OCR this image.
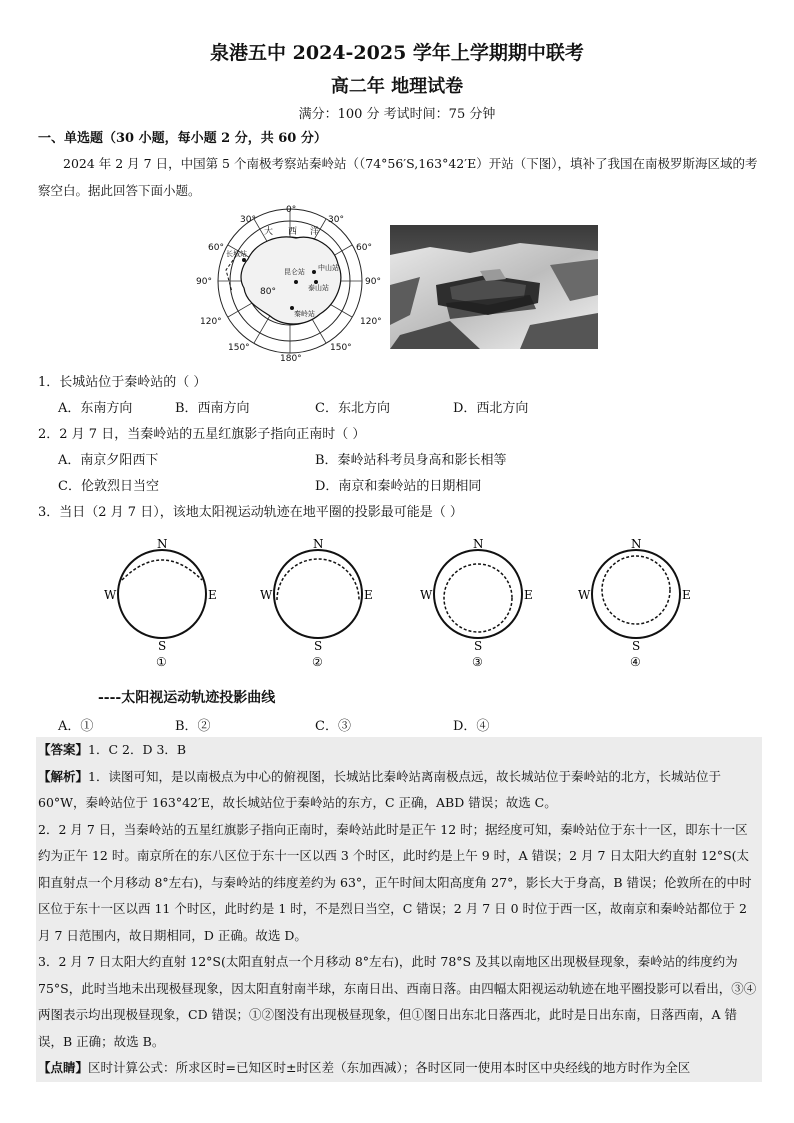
泉港五中 2024-2025 学年上学期期中联考
高二年 地理试卷
满分：100 分 考试时间：75 分钟
一、单选题（30 小题，每小题 2 分，共 60 分）
2024 年 2 月 7 日，中国第 5 个南极考察站秦岭站（（74°56′S,163°42′E）开站（下图），填补了我国在南极罗斯海区域的考察空白。据此回答下面小题。
0°
30°	30°
60°	60°
90°	90°
120°	120°
150°	150°
180°
80°
大 西 洋
长城站
中山站
泰山站
昆仑站
秦岭站
1．长城站位于秦岭站的（ ）
A．东南方向	B．西南方向	C．东北方向	D．西北方向
2．2 月 7 日，当秦岭站的五星红旗影子指向正南时（ ）
A．南京夕阳西下	B．秦岭站科考员身高和影长相等
C．伦敦烈日当空	D．南京和秦岭站的日期相同
3．当日（2 月 7 日），该地太阳视运动轨迹在地平圈的投影最可能是（ ）
N
S
W	E
①
N
S
W	E
②
N
S
W	E
③
N
S
W	E
④
----太阳视运动轨迹投影曲线
A．①	B．②	C．③	D．④

【答案】1．C 2．D 3．B

【解析】1．读图可知，是以南极点为中心的俯视图，长城站比秦岭站离南极点远，故长城站位于秦岭站的北方，长城站位于 60°W，秦岭站位于 163°42′E，故长城站位于秦岭站的东方，C 正确，ABD 错误；故选 C。

2．2 月 7 日，当秦岭站的五星红旗影子指向正南时，秦岭站此时是正午 12 时；据经度可知，秦岭站位于东十一区，即东十一区约为正午 12 时。南京所在的东八区位于东十一区以西 3 个时区，此时约是上午 9 时，A 错误；2 月 7 日太阳大约直射 12°S(太阳直射点一个月移动 8°左右)，与秦岭站的纬度差约为 63°，正午时间太阳高度角 27°，影长大于身高，B 错误；伦敦所在的中时区位于东十一区以西 11 个时区，此时约是 1 时，不是烈日当空，C 错误；2 月 7 日 0 时位于西一区，故南京和秦岭站都位于 2 月 7 日范围内，故日期相同，D 正确。故选 D。

3．2 月 7 日太阳大约直射 12°S(太阳直射点一个月移动 8°左右)，此时 78°S 及其以南地区出现极昼现象，秦岭站的纬度约为 75°S，此时当地未出现极昼现象，因太阳直射南半球，东南日出、西南日落。由四幅太阳视运动轨迹在地平圈投影可以看出，③④两图表示均出现极昼现象，CD 错误；①②图没有出现极昼现象，但①图日出东北日落西北，此时是日出东南，日落西南，A 错误，B 正确；故选 B。

【点睛】区时计算公式：所求区时=已知区时±时区差（东加西减）；各时区同一使用本时区中央经线的地方时作为全区
